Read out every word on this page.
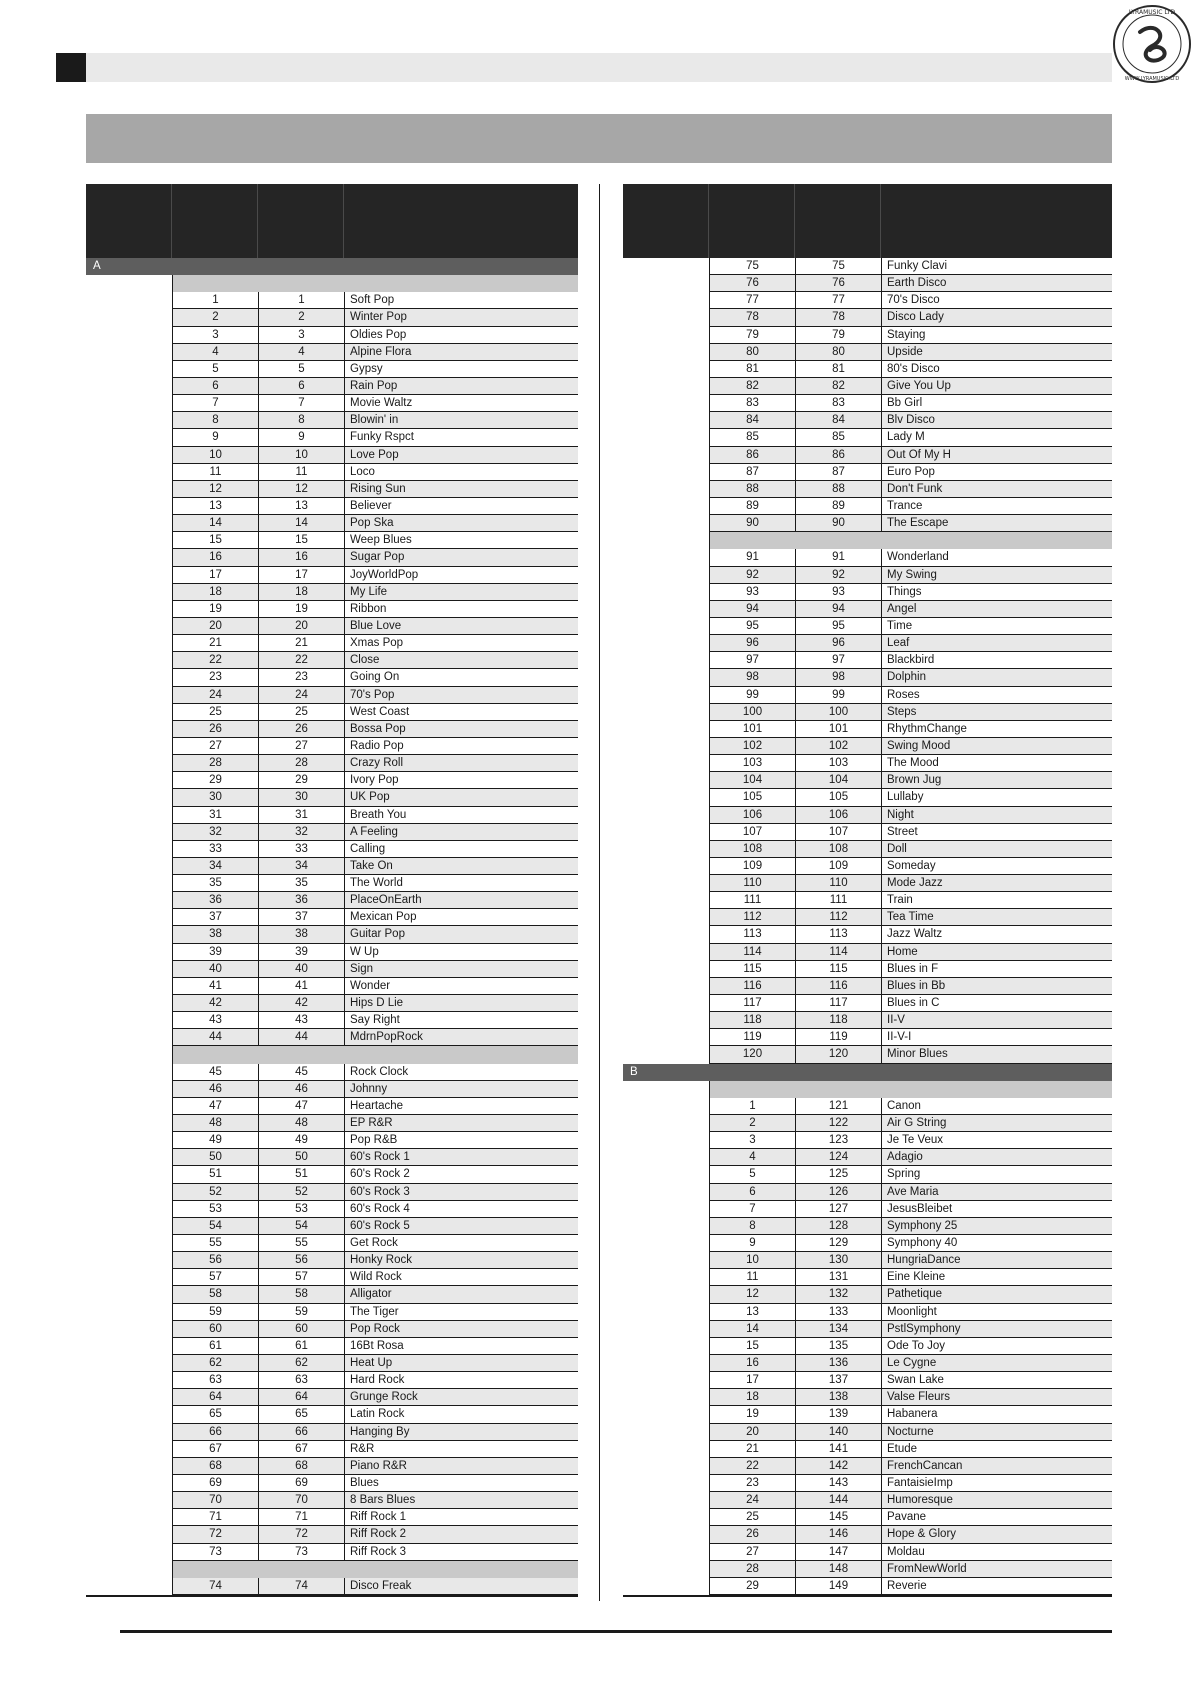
LYRAMUSIC LTD
WWW.LYRAMUSIC.LTD
A
1	1	Soft Pop
2	2	Winter Pop
3	3	Oldies Pop
4	4	Alpine Flora
5	5	Gypsy
6	6	Rain Pop
7	7	Movie Waltz
8	8	Blowin' in
9	9	Funky Rspct
10	10	Love Pop
11	11	Loco
12	12	Rising Sun
13	13	Believer
14	14	Pop Ska
15	15	Weep Blues
16	16	Sugar Pop
17	17	JoyWorldPop
18	18	My Life
19	19	Ribbon
20	20	Blue Love
21	21	Xmas Pop
22	22	Close
23	23	Going On
24	24	70's Pop
25	25	West Coast
26	26	Bossa Pop
27	27	Radio Pop
28	28	Crazy Roll
29	29	Ivory Pop
30	30	UK Pop
31	31	Breath You
32	32	A Feeling
33	33	Calling
34	34	Take On
35	35	The World
36	36	PlaceOnEarth
37	37	Mexican Pop
38	38	Guitar Pop
39	39	W Up
40	40	Sign
41	41	Wonder
42	42	Hips D Lie
43	43	Say Right
44	44	MdrnPopRock
45	45	Rock Clock
46	46	Johnny
47	47	Heartache
48	48	EP R&R
49	49	Pop R&B
50	50	60's Rock 1
51	51	60's Rock 2
52	52	60's Rock 3
53	53	60's Rock 4
54	54	60's Rock 5
55	55	Get Rock
56	56	Honky Rock
57	57	Wild Rock
58	58	Alligator
59	59	The Tiger
60	60	Pop Rock
61	61	16Bt Rosa
62	62	Heat Up
63	63	Hard Rock
64	64	Grunge Rock
65	65	Latin Rock
66	66	Hanging By
67	67	R&R
68	68	Piano R&R
69	69	Blues
70	70	8 Bars Blues
71	71	Riff Rock 1
72	72	Riff Rock 2
73	73	Riff Rock 3
74	74	Disco Freak
75	75	Funky Clavi
76	76	Earth Disco
77	77	70's Disco
78	78	Disco Lady
79	79	Staying
80	80	Upside
81	81	80's Disco
82	82	Give You Up
83	83	Bb Girl
84	84	Blv Disco
85	85	Lady M
86	86	Out Of My H
87	87	Euro Pop
88	88	Don't Funk
89	89	Trance
90	90	The Escape
91	91	Wonderland
92	92	My Swing
93	93	Things
94	94	Angel
95	95	Time
96	96	Leaf
97	97	Blackbird
98	98	Dolphin
99	99	Roses
100	100	Steps
101	101	RhythmChange
102	102	Swing Mood
103	103	The Mood
104	104	Brown Jug
105	105	Lullaby
106	106	Night
107	107	Street
108	108	Doll
109	109	Someday
110	110	Mode Jazz
111	111	Train
112	112	Tea Time
113	113	Jazz Waltz
114	114	Home
115	115	Blues in F
116	116	Blues in Bb
117	117	Blues in C
118	118	II-V
119	119	II-V-I
120	120	Minor Blues
B
1	121	Canon
2	122	Air G String
3	123	Je Te Veux
4	124	Adagio
5	125	Spring
6	126	Ave Maria
7	127	JesusBleibet
8	128	Symphony 25
9	129	Symphony 40
10	130	HungriaDance
11	131	Eine Kleine
12	132	Pathetique
13	133	Moonlight
14	134	PstlSymphony
15	135	Ode To Joy
16	136	Le Cygne
17	137	Swan Lake
18	138	Valse Fleurs
19	139	Habanera
20	140	Nocturne
21	141	Etude
22	142	FrenchCancan
23	143	FantaisieImp
24	144	Humoresque
25	145	Pavane
26	146	Hope & Glory
27	147	Moldau
28	148	FromNewWorld
29	149	Reverie
